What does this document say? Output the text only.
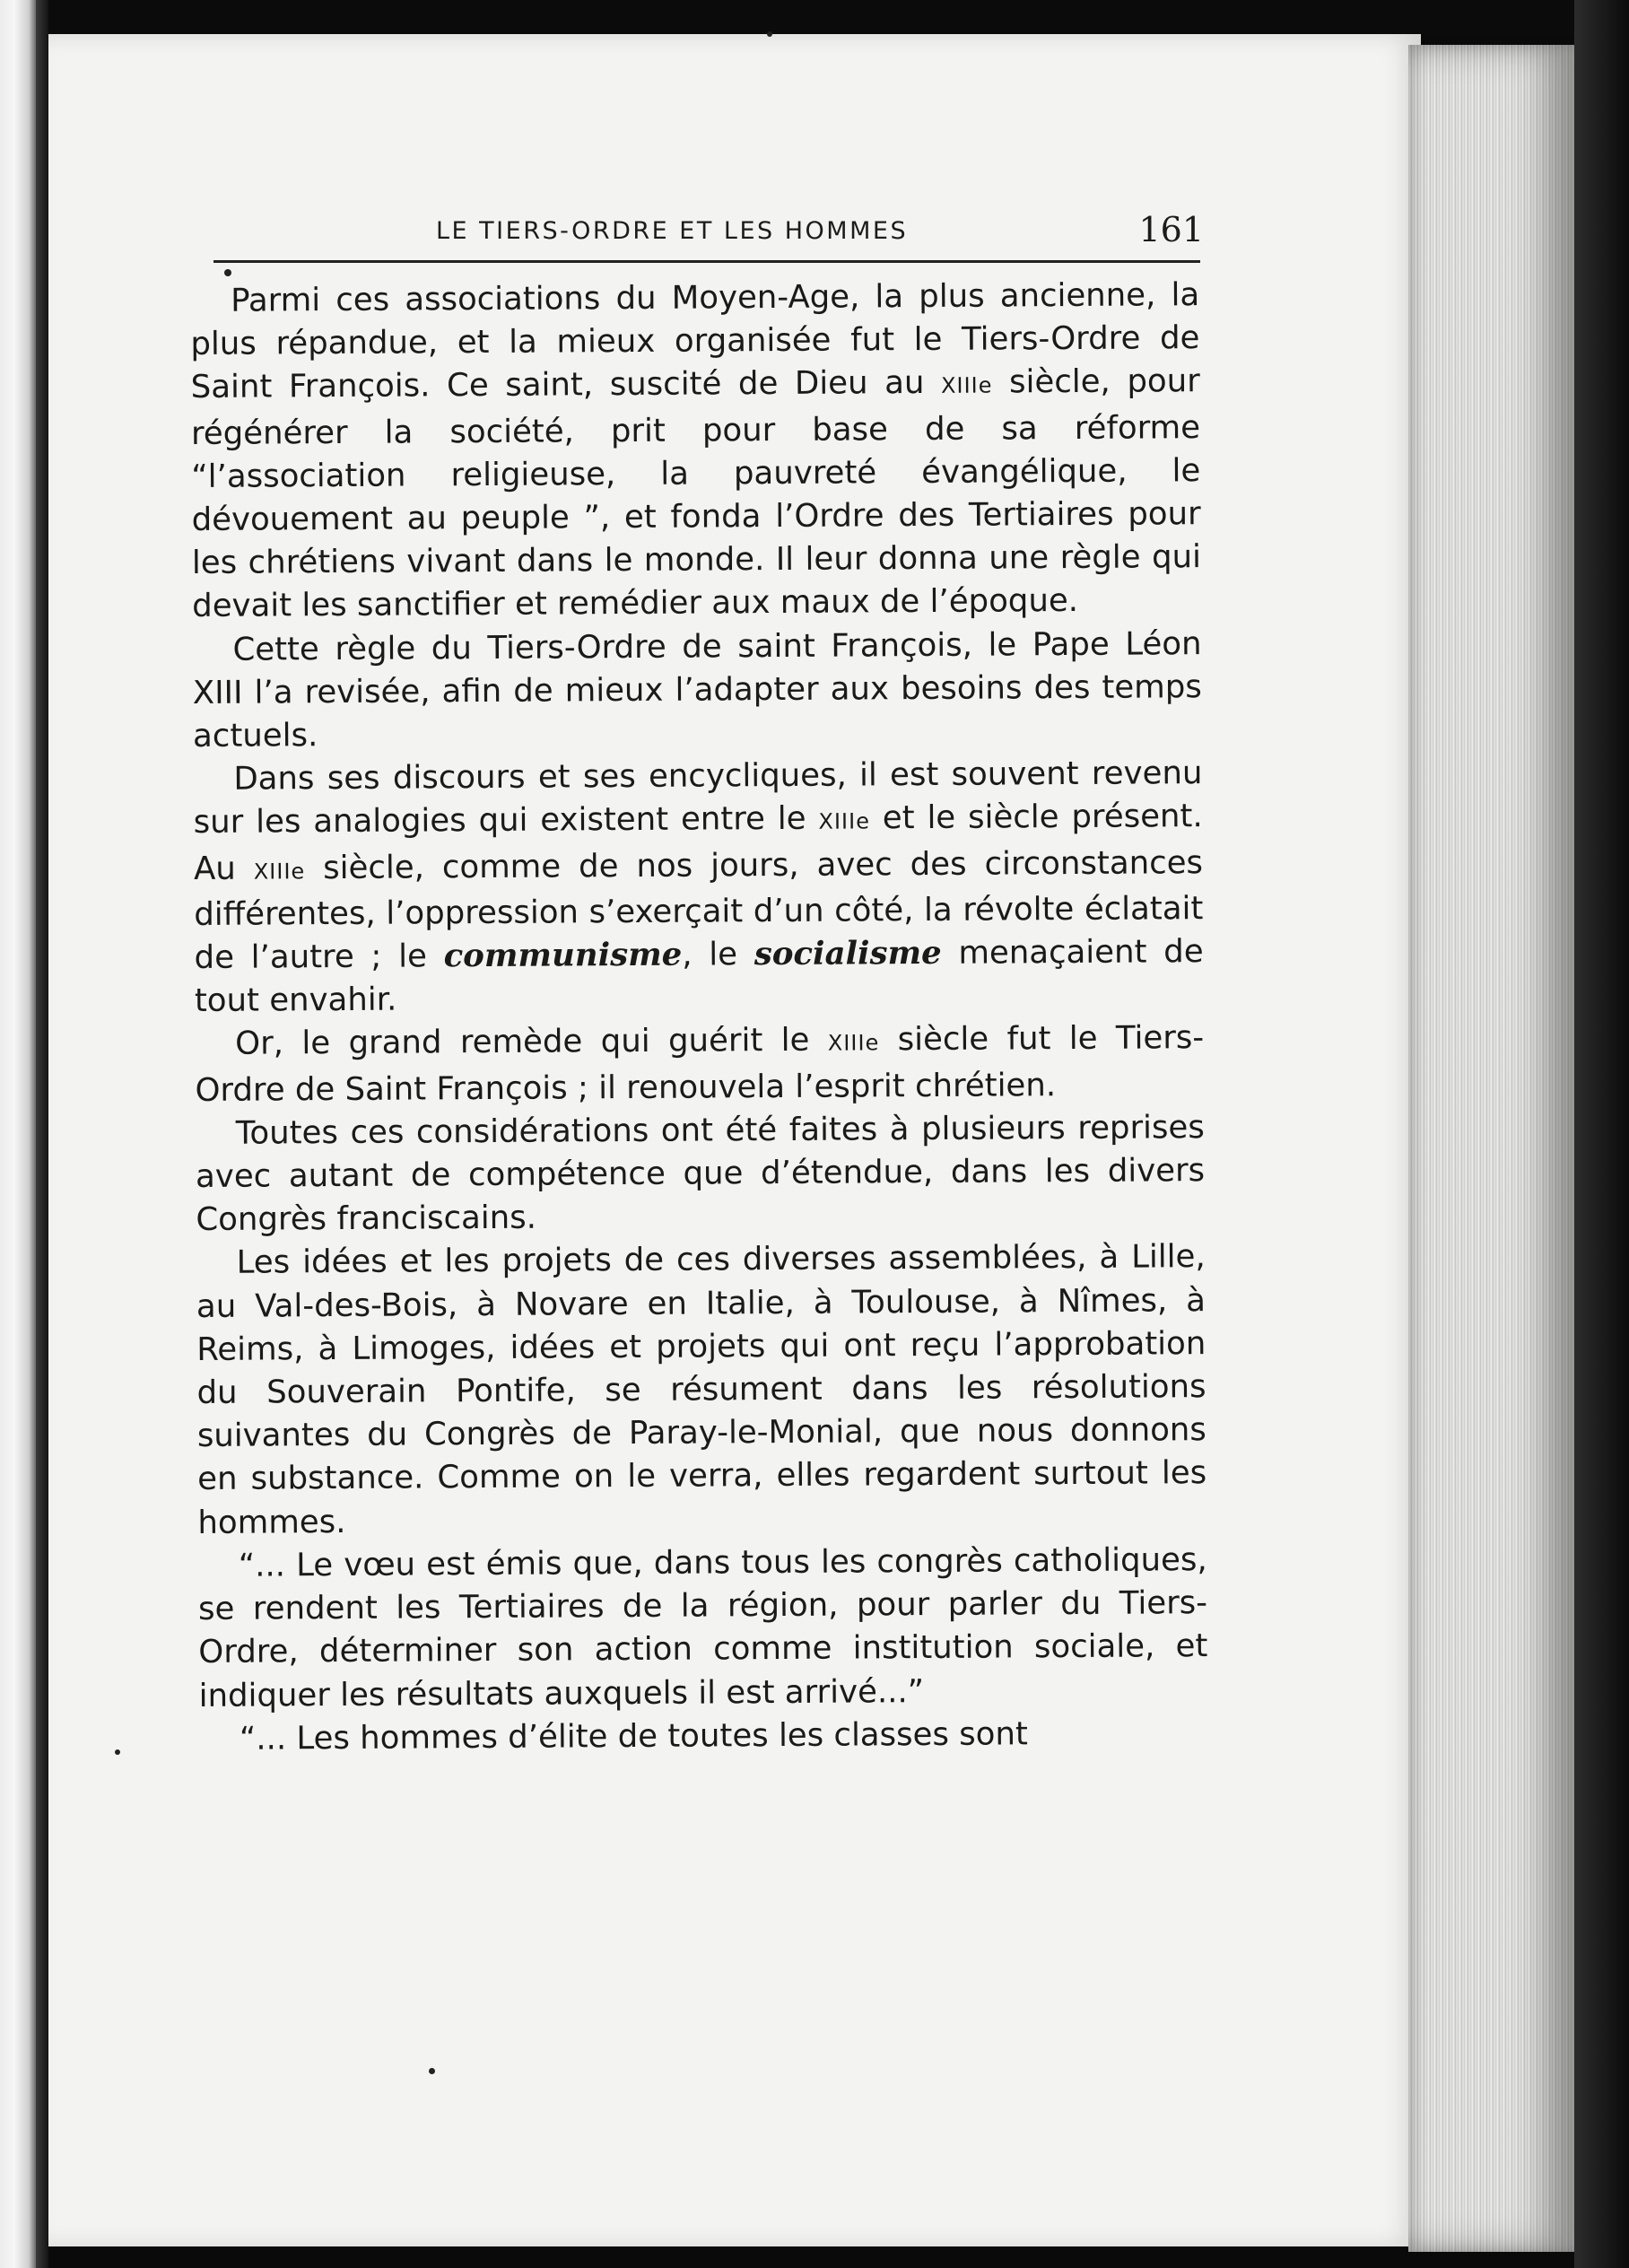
LE TIERS-ORDRE ET LES HOMMES	161

Parmi ces associations du Moyen-Age, la plus ancienne, la plus répandue, et la mieux organisée fut le Tiers-Ordre de Saint François. Ce saint, suscité de Dieu au XIIIe siècle, pour régénérer la société, prit pour base de sa réforme “l’association religieuse, la pauvreté évangélique, le dévouement au peuple ”, et fonda l’Ordre des Tertiaires pour les chrétiens vivant dans le monde. Il leur donna une règle qui devait les sanctifier et remédier aux maux de l’époque.

Cette règle du Tiers-Ordre de saint François, le Pape Léon XIII l’a revisée, afin de mieux l’adapter aux besoins des temps actuels.

Dans ses discours et ses encycliques, il est souvent revenu sur les analogies qui existent entre le XIIIe et le siècle présent. Au XIIIe siècle, comme de nos jours, avec des circonstances différentes, l’oppression s’exerçait d’un côté, la révolte éclatait de l’autre ; le communisme, le socialisme menaçaient de tout envahir.

Or, le grand remède qui guérit le XIIIe siècle fut le Tiers-Ordre de Saint François ; il renouvela l’esprit chrétien.

Toutes ces considérations ont été faites à plusieurs reprises avec autant de compétence que d’étendue, dans les divers Congrès franciscains.

Les idées et les projets de ces diverses assemblées, à Lille, au Val-des-Bois, à Novare en Italie, à Toulouse, à Nîmes, à Reims, à Limoges, idées et projets qui ont reçu l’approbation du Souverain Pontife, se résument dans les résolutions suivantes du Congrès de Paray-le-Monial, que nous donnons en substance. Comme on le verra, elles regardent surtout les hommes.

“... Le vœu est émis que, dans tous les congrès catholiques, se rendent les Tertiaires de la région, pour parler du Tiers-Ordre, déterminer son action comme institution sociale, et indiquer les résultats auxquels il est arrivé...”

“... Les hommes d’élite de toutes les classes sont
